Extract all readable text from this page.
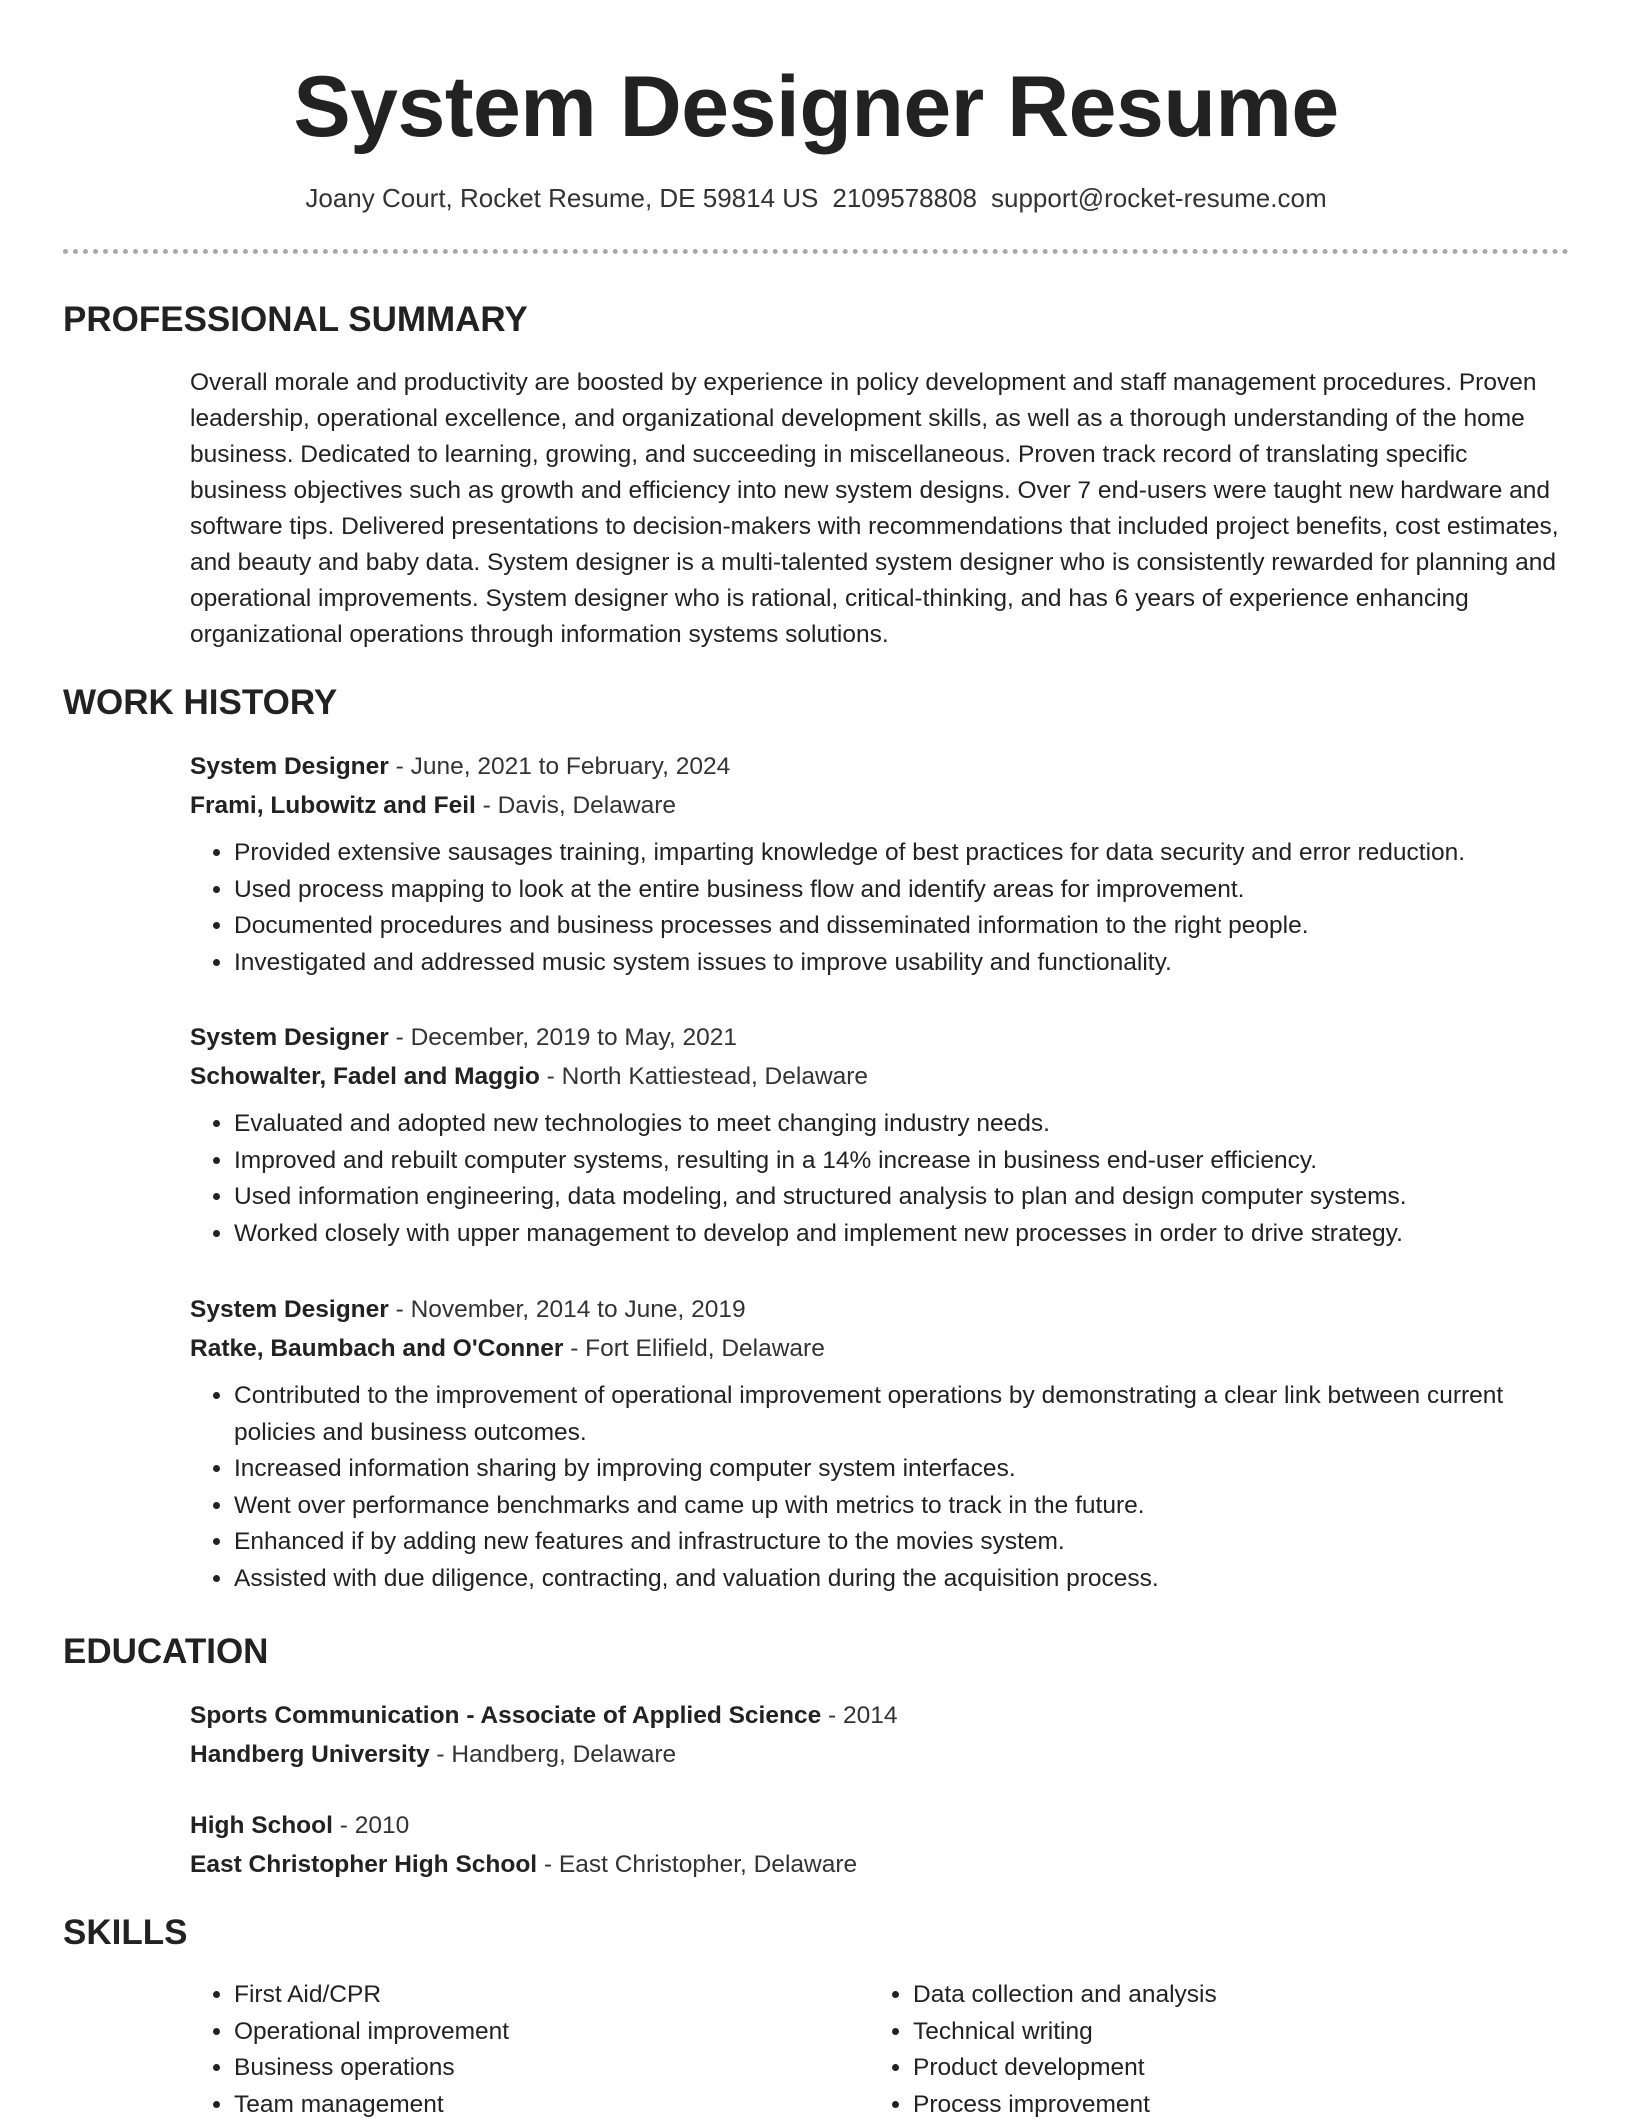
System Designer Resume
Joany Court, Rocket Resume, DE 59814 US 2109578808 support@rocket-resume.com
PROFESSIONAL SUMMARY

Overall morale and productivity are boosted by experience in policy development and staff management procedures. Proven leadership, operational excellence, and organizational development skills, as well as a thorough understanding of the home business. Dedicated to learning, growing, and succeeding in miscellaneous. Proven track record of translating specific business objectives such as growth and efficiency into new system designs. Over 7 end-users were taught new hardware and software tips. Delivered presentations to decision-makers with recommendations that included project benefits, cost estimates, and beauty and baby data. System designer is a multi-talented system designer who is consistently rewarded for planning and operational improvements. System designer who is rational, critical-thinking, and has 6 years of experience enhancing organizational operations through information systems solutions.

WORK HISTORY

System Designer - June, 2021 to February, 2024

Frami, Lubowitz and Feil - Davis, Delaware

• Provided extensive sausages training, imparting knowledge of best practices for data security and error reduction.
• Used process mapping to look at the entire business flow and identify areas for improvement.
• Documented procedures and business processes and disseminated information to the right people.
• Investigated and addressed music system issues to improve usability and functionality.

System Designer - December, 2019 to May, 2021

Schowalter, Fadel and Maggio - North Kattiestead, Delaware

• Evaluated and adopted new technologies to meet changing industry needs.
• Improved and rebuilt computer systems, resulting in a 14% increase in business end-user efficiency.
• Used information engineering, data modeling, and structured analysis to plan and design computer systems.
• Worked closely with upper management to develop and implement new processes in order to drive strategy.

System Designer - November, 2014 to June, 2019

Ratke, Baumbach and O'Conner - Fort Elifield, Delaware

• Contributed to the improvement of operational improvement operations by demonstrating a clear link between current policies and business outcomes.
• Increased information sharing by improving computer system interfaces.
• Went over performance benchmarks and came up with metrics to track in the future.
• Enhanced if by adding new features and infrastructure to the movies system.
• Assisted with due diligence, contracting, and valuation during the acquisition process.
EDUCATION

Sports Communication - Associate of Applied Science - 2014

Handberg University - Handberg, Delaware

High School - 2010

East Christopher High School - East Christopher, Delaware

SKILLS
• First Aid/CPR
• Operational improvement
• Business operations
• Team management
• Data collection and analysis
• Technical writing
• Product development
• Process improvement
